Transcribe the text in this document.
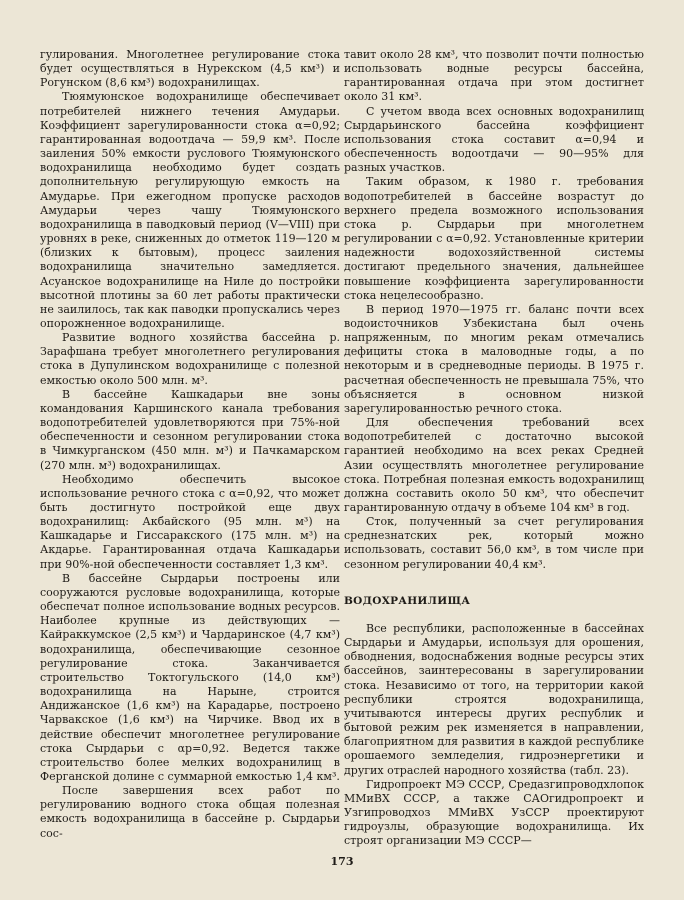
гулирования. Многолетнее регулирование стока будет осуществляться в Нурекском (4,5 км³) и Рогунском (8,6 км³) водохранилищах.

Тюямуюнское водохранилище обеспечивает потребителей нижнего течения Амударьи. Коэффициент зарегулированности стока α=0,92; гарантированная водоотдача — 59,9 км³. После заиления 50% емкости руслового Тюямуюнского водохранилища необходимо будет создать дополнительную регулирующую емкость на Амударье. При ежегодном пропуске расходов Амударьи через чашу Тюямуюнского водохранилища в паводковый период (V—VIII) при уровнях в реке, сниженных до отметок 119—120 м (близких к бытовым), процесс заиления водохранилища значительно замедляется. Асуанское водохранилище на Ниле до постройки высотной плотины за 60 лет работы практически не заилилось, так как паводки пропускались через опорожненное водохранилище.

Развитие водного хозяйства бассейна р. Зарафшана требует многолетнего регулирования стока в Дупулинском водохранилище с полезной емкостью около 500 млн. м³.

В бассейне Кашкадарьи вне зоны командования Каршинского канала требования водопотребителей удовлетворяются при 75%-ной обеспеченности и сезонном регулировании стока в Чимкурганском (450 млн. м³) и Пачкамарском (270 млн. м³) водохранилищах.

Необходимо обеспечить высокое использование речного стока с α=0,92, что может быть достигнуто постройкой еще двух водохранилищ: Акбайского (95 млн. м³) на Кашкадарье и Гиссаракского (175 млн. м³) на Акдарье. Гарантированная отдача Кашкадарьи при 90%-ной обеспеченности составляет 1,3 км³.

В бассейне Сырдарьи построены или сооружаются русловые водохранилища, которые обеспечат полное использование водных ресурсов. Наиболее крупные из действующих — Кайраккумское (2,5 км³) и Чардаринское (4,7 км³) водохранилища, обеспечивающие сезонное регулирование стока. Заканчивается строительство Токтогульского (14,0 км³) водохранилища на Нарыне, строится Андижанское (1,6 км³) на Карадарье, построено Чарвакское (1,6 км³) на Чирчике. Ввод их в действие обеспечит многолетнее регулирование стока Сырдарьи с αр=0,92. Ведется также строительство более мелких водохранилищ в Ферганской долине с суммарной емкостью 1,4 км³.

После завершения всех работ по регулированию водного стока общая полезная емкость водохранилища в бассейне р. Сырдарьи сос-

тавит около 28 км³, что позволит почти полностью использовать водные ресурсы бассейна, гарантированная отдача при этом достигнет около 31 км³.

С учетом ввода всех основных водохранилищ Сырдарьинского бассейна коэффициент использования стока составит α=0,94 и обеспеченность водоотдачи — 90—95% для разных участков.

Таким образом, к 1980 г. требования водопотребителей в бассейне возрастут до верхнего предела возможного использования стока р. Сырдарьи при многолетнем регулировании с α=0,92. Установленные критерии надежности водохозяйственной системы достигают предельного значения, дальнейшее повышение коэффициента зарегулированности стока нецелесообразно.

В период 1970—1975 гг. баланс почти всех водоисточников Узбекистана был очень напряженным, по многим рекам отмечались дефициты стока в маловодные годы, а по некоторым и в средневодные периоды. В 1975 г. расчетная обеспеченность не превышала 75%, что объясняется в основном низкой зарегулированностью речного стока.

Для обеспечения требований всех водопотребителей с достаточно высокой гарантией необходимо на всех реках Средней Азии осуществлять многолетнее регулирование стока. Потребная полезная емкость водохранилищ должна составить около 50 км³, что обеспечит гарантированную отдачу в объеме 104 км³ в год.

Сток, полученный за счет регулирования среднезнатских рек, который можно использовать, составит 56,0 км³, в том числе при сезонном регулировании 40,4 км³.

ВОДОХРАНИЛИЩА

Все республики, расположенные в бассейнах Сырдарьи и Амударьи, используя для орошения, обводнения, водоснабжения водные ресурсы этих бассейнов, заинтересованы в зарегулировании стока. Независимо от того, на территории какой республики строятся водохранилища, учитываются интересы других республик и бытовой режим рек изменяется в направлении, благоприятном для развития в каждой республике орошаемого земледелия, гидроэнергетики и других отраслей народного хозяйства (табл. 23).

Гидропроект МЭ СССР, Средазгипроводхлопок ММиВХ СССР, а также САОгидропроект и Узгипроводхоз ММиВХ УзССР проектируют гидроузлы, образующие водохранилища. Их строят организации МЭ СССР—

173
